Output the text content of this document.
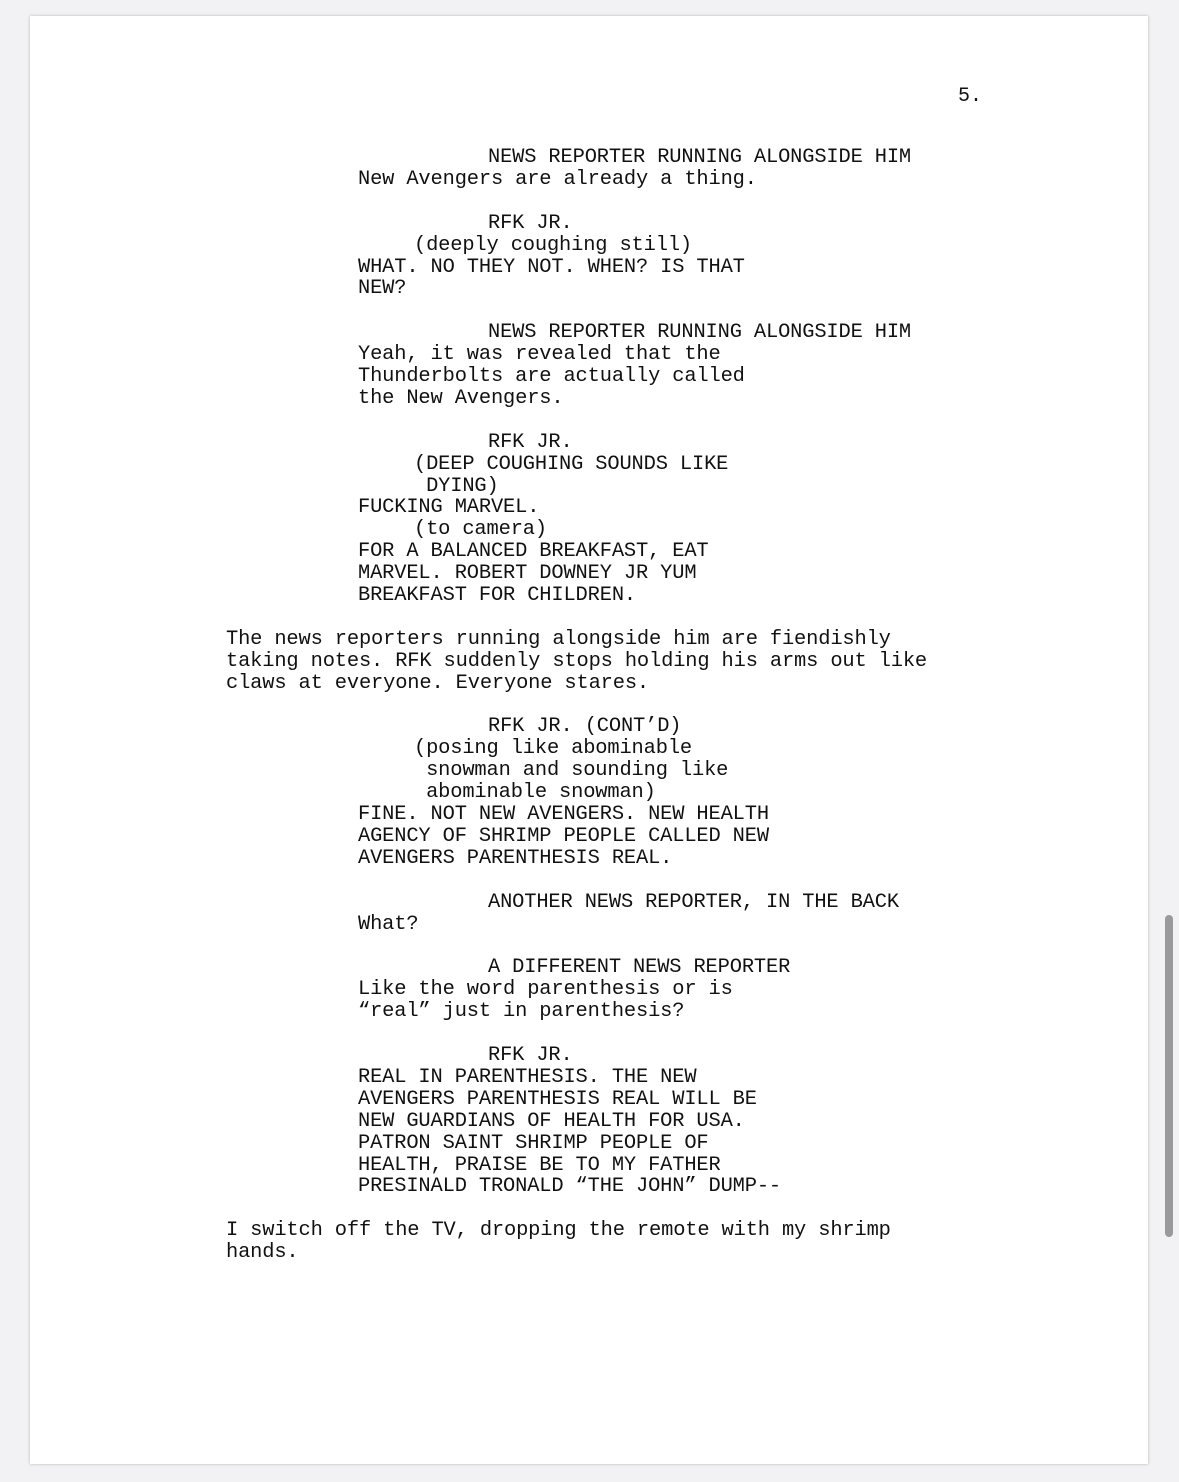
5.
NEWS REPORTER RUNNING ALONGSIDE HIM
New Avengers are already a thing.
RFK JR.
(deeply coughing still)
WHAT. NO THEY NOT. WHEN? IS THAT
NEW?
NEWS REPORTER RUNNING ALONGSIDE HIM
Yeah, it was revealed that the
Thunderbolts are actually called
the New Avengers.
RFK JR.
(DEEP COUGHING SOUNDS LIKE
DYING)
FUCKING MARVEL.
(to camera)
FOR A BALANCED BREAKFAST, EAT
MARVEL. ROBERT DOWNEY JR YUM
BREAKFAST FOR CHILDREN.
The news reporters running alongside him are fiendishly
taking notes. RFK suddenly stops holding his arms out like
claws at everyone. Everyone stares.
RFK JR. (CONT’D)
(posing like abominable
snowman and sounding like
abominable snowman)
FINE. NOT NEW AVENGERS. NEW HEALTH
AGENCY OF SHRIMP PEOPLE CALLED NEW
AVENGERS PARENTHESIS REAL.
ANOTHER NEWS REPORTER, IN THE BACK
What?
A DIFFERENT NEWS REPORTER
Like the word parenthesis or is
“real” just in parenthesis?
RFK JR.
REAL IN PARENTHESIS. THE NEW
AVENGERS PARENTHESIS REAL WILL BE
NEW GUARDIANS OF HEALTH FOR USA.
PATRON SAINT SHRIMP PEOPLE OF
HEALTH, PRAISE BE TO MY FATHER
PRESINALD TRONALD “THE JOHN” DUMP--
I switch off the TV, dropping the remote with my shrimp
hands.
